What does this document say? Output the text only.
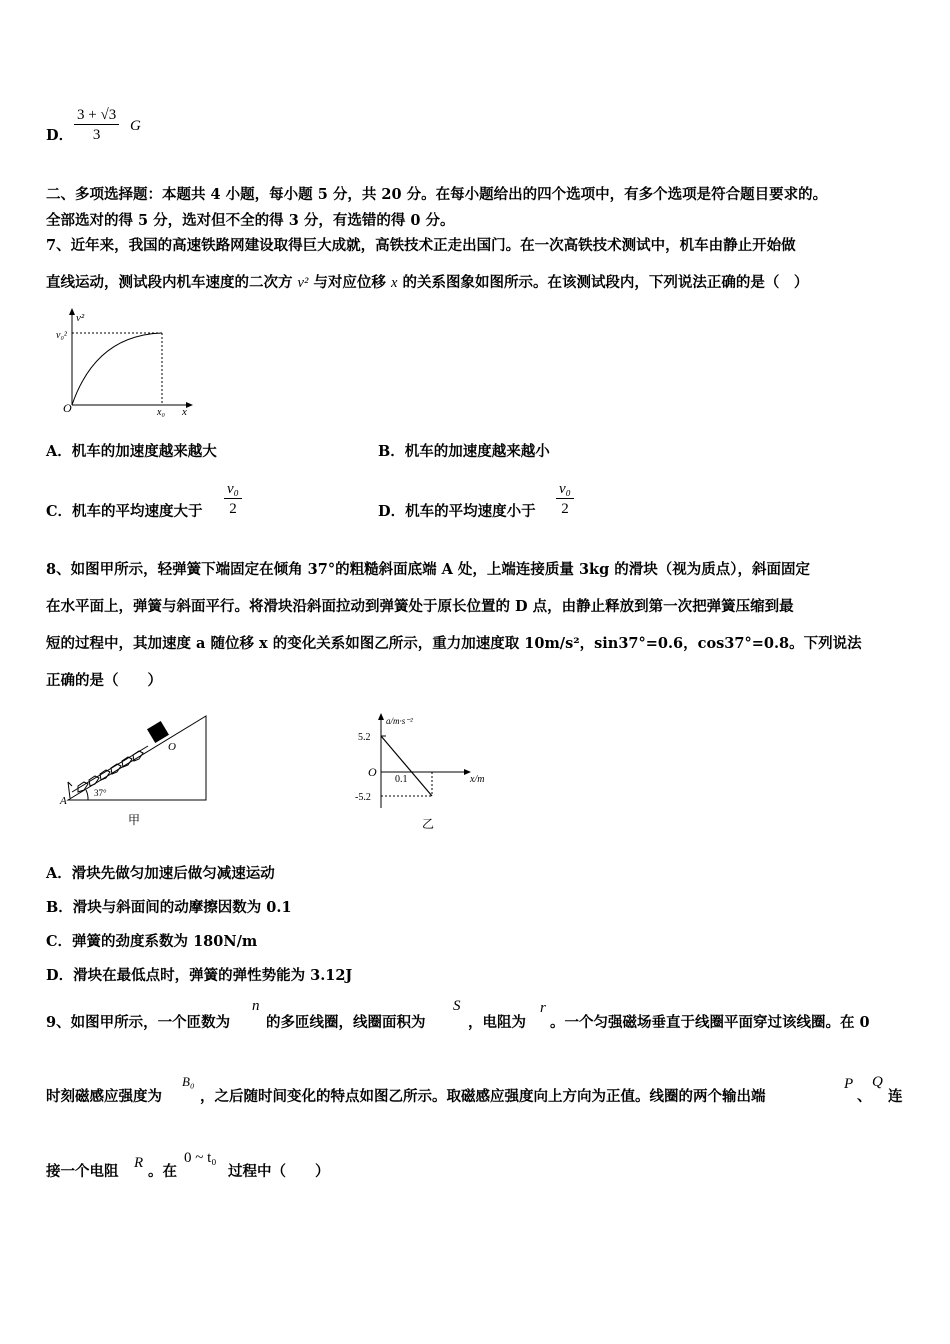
D． $\frac{3 + √3}{3}$ G
二、多项选择题：本题共 4 小题，每小题 5 分，共 20 分。在每小题给出的四个选项中，有多个选项是符合题目要求的。
全部选对的得 5 分，选对但不全的得 3 分，有选错的得 0 分。
7、近年来，我国的高速铁路网建设取得巨大成就，高铁技术正走出国门。在一次高铁技术测试中，机车由静止开始做
直线运动，测试段内机车速度的二次方 v² 与对应位移 x 的关系图象如图所示。在该测试段内，下列说法正确的是（　）
v²
v₀²
O	x₀ x
A．机车的加速度越来越大	B．机车的加速度越来越小
C．机车的平均速度大于 $\frac{\text{v₀}}{2}$	D．机车的平均速度小于 $\frac{\text{v₀}}{2}$
8、如图甲所示，轻弹簧下端固定在倾角 37°的粗糙斜面底端 A 处，上端连接质量 3kg 的滑块（视为质点），斜面固定
在水平面上，弹簧与斜面平行。将滑块沿斜面拉动到弹簧处于原长位置的 D 点，由静止释放到第一次把弹簧压缩到最
短的过程中，其加速度 a 随位移 x 的变化关系如图乙所示，重力加速度取 10m/s²，sin37°=0.6，cos37°=0.8。下列说法
正确的是（　　）
O
A
37°
甲
a/m·s⁻²
5.2
-5.2
O
0.1	x/m
乙
A．滑块先做匀加速后做匀减速运动
B．滑块与斜面间的动摩擦因数为 0.1
C．弹簧的劲度系数为 180N/m
D．滑块在最低点时，弹簧的弹性势能为 3.12J
9、如图甲所示，一个匝数为
n
的多匝线圈，线圈面积为
S
，电阻为
r
。一个匀强磁场垂直于线圈平面穿过该线圈。在 0
时刻磁感应强度为
B₀
，之后随时间变化的特点如图乙所示。取磁感应强度向上方向为正值。线圈的两个输出端
P
、
Q
连
接一个电阻 R 。在
0 ~ t₀
过程中（　　）
